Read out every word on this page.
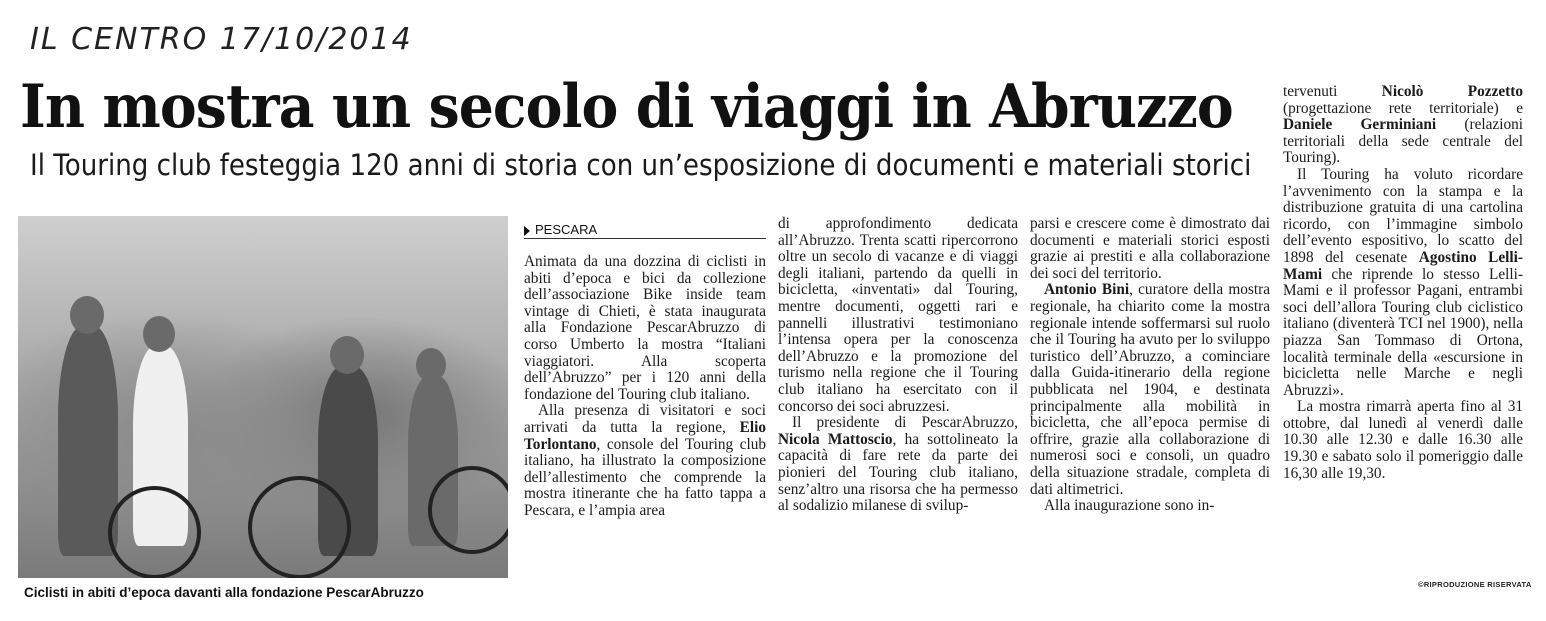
IL CENTRO 17/10/2014
In mostra un secolo di viaggi in Abruzzo
Il Touring club festeggia 120 anni di storia con un’esposizione di documenti e materiali storici
Ciclisti in abiti d’epoca davanti alla fondazione PescarAbruzzo
PESCARA

Animata da una dozzina di ciclisti in abiti d’epoca e bici da collezione dell’associazione Bike inside team vintage di Chieti, è stata inaugurata alla Fondazione PescarAbruzzo di corso Umberto la mostra “Italiani viaggiatori. Alla scoperta dell’Abruzzo” per i 120 anni della fondazione del Touring club italiano.

Alla presenza di visitatori e soci arrivati da tutta la regione, Elio Torlontano, console del Touring club italiano, ha illustrato la composizione dell’allestimento che comprende la mostra itinerante che ha fatto tappa a Pescara, e l’ampia area

di approfondimento dedicata all’Abruzzo. Trenta scatti ripercorrono oltre un secolo di vacanze e di viaggi degli italiani, partendo da quelli in bicicletta, «inventati» dal Touring, mentre documenti, oggetti rari e pannelli illustrativi testimoniano l’intensa opera per la conoscenza dell’Abruzzo e la promozione del turismo nella regione che il Touring club italiano ha esercitato con il concorso dei soci abruzzesi.

Il presidente di PescarAbruzzo, Nicola Mattoscio, ha sottolineato la capacità di fare rete da parte dei pionieri del Touring club italiano, senz’altro una risorsa che ha permesso al sodalizio milanese di svilup-

parsi e crescere come è dimostrato dai documenti e materiali storici esposti grazie ai prestiti e alla collaborazione dei soci del territorio.

Antonio Bini, curatore della mostra regionale, ha chiarito come la mostra regionale intende soffermarsi sul ruolo che il Touring ha avuto per lo sviluppo turistico dell’Abruzzo, a cominciare dalla Guida-itinerario della regione pubblicata nel 1904, e destinata principalmente alla mobilità in bicicletta, che all’epoca permise di offrire, grazie alla collaborazione di numerosi soci e consoli, un quadro della situazione stradale, completa di dati altimetrici.

Alla inaugurazione sono in-

tervenuti	Nicolò Pozzetto (progettazione rete territoriale) e Daniele Germiniani (relazioni territoriali della sede centrale del Touring).

Il Touring ha voluto ricordare l’avvenimento con la stampa e la distribuzione gratuita di una cartolina ricordo, con l’immagine simbolo dell’evento espositivo, lo scatto del 1898 del cesenate Agostino Lelli-Mami che riprende lo stesso Lelli-Mami e il professor Pagani, entrambi soci dell’allora Touring club ciclistico italiano (diventerà TCI nel 1900), nella piazza San Tommaso di Ortona, località terminale della «escursione in bicicletta nelle Marche e negli Abruzzi».

La mostra rimarrà aperta fino al 31 ottobre, dal lunedì al venerdì dalle 10.30 alle 12.30 e dalle 16.30 alle 19.30 e sabato solo il pomeriggio dalle 16,30 alle 19,30.

©RIPRODUZIONE RISERVATA
